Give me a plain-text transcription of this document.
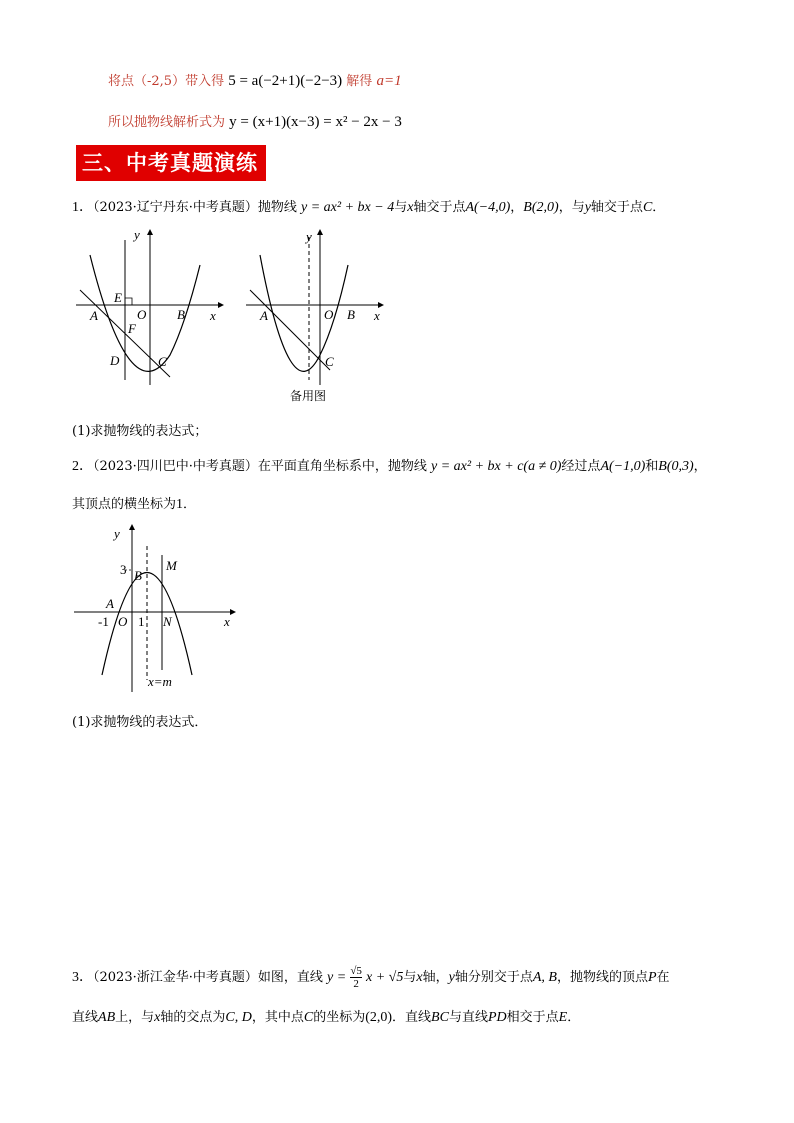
将点（-2,5）带入得 5 = a(−2+1)(−2−3) 解得 a=1
所以抛物线解析式为 y = (x+1)(x−3) = x² − 2x − 3
三、中考真题演练
1．（2023·辽宁丹东·中考真题）抛物线 y = ax² + bx − 4与x轴交于点A(−4,0)，B(2,0)，与y轴交于点C．
y
x
A	O B
E
F
D	C
y
x
A	O B
C
备用图
(1)求抛物线的表达式；
2．（2023·四川巴中·中考真题）在平面直角坐标系中，抛物线 y = ax² + bx + c(a ≠ 0)经过点A(−1,0)和B(0,3)，
其顶点的横坐标为1．
y
x
3 B
M
A
-1 O 1 N
x=m
(1)求抛物线的表达式．
3．（2023·浙江金华·中考真题）如图，直线 $y = \frac{√5}{2}$ x + √5与x轴，y轴分别交于点A, B，抛物线的顶点P在
直线AB上，与x轴的交点为C, D，其中点C的坐标为(2,0)．直线BC与直线PD相交于点E．
